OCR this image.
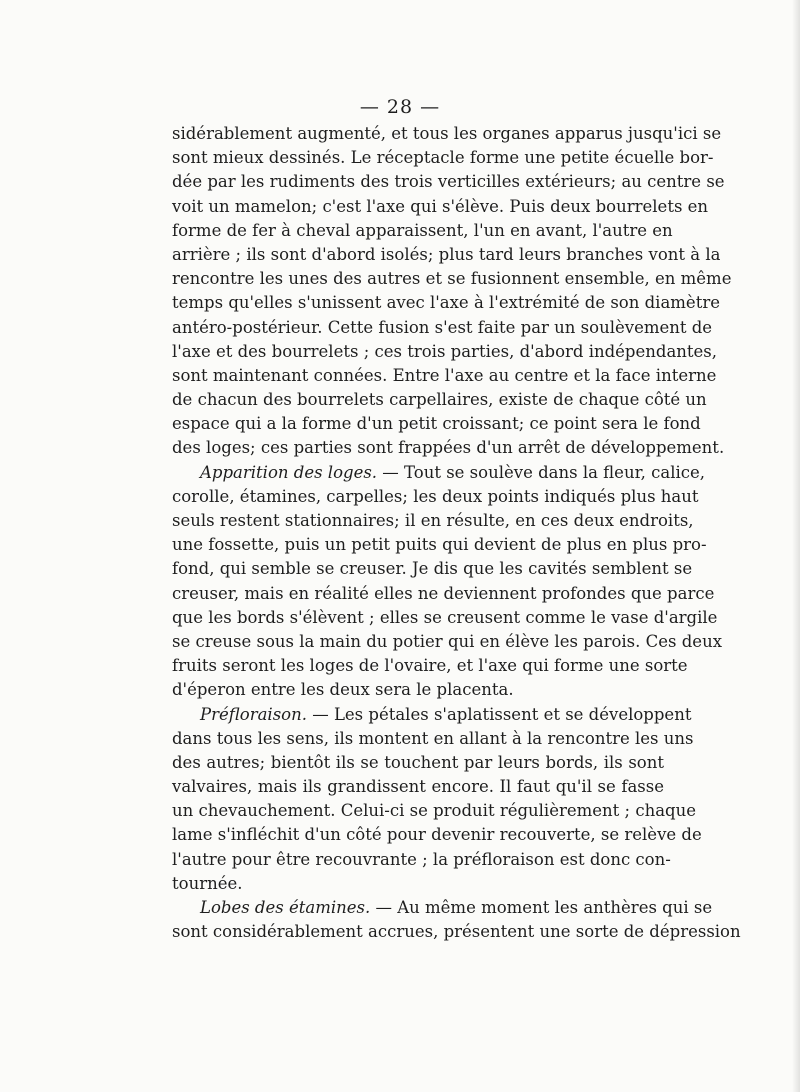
— 28 —
sidérablement augmenté, et tous les organes apparus jusqu'ici se
sont mieux dessinés. Le réceptacle forme une petite écuelle bor-
dée par les rudiments des trois verticilles extérieurs; au centre se
voit un mamelon; c'est l'axe qui s'élève. Puis deux bourrelets en
forme de fer à cheval apparaissent, l'un en avant, l'autre en
arrière ; ils sont d'abord isolés; plus tard leurs branches vont à la
rencontre les unes des autres et se fusionnent ensemble, en même
temps qu'elles s'unissent avec l'axe à l'extrémité de son diamètre
antéro-postérieur. Cette fusion s'est faite par un soulèvement de
l'axe et des bourrelets ; ces trois parties, d'abord indépendantes,
sont maintenant connées. Entre l'axe au centre et la face interne
de chacun des bourrelets carpellaires, existe de chaque côté un
espace qui a la forme d'un petit croissant; ce point sera le fond
des loges; ces parties sont frappées d'un arrêt de développement.
Apparition des loges. — Tout se soulève dans la fleur, calice,
corolle, étamines, carpelles; les deux points indiqués plus haut
seuls restent stationnaires; il en résulte, en ces deux endroits,
une fossette, puis un petit puits qui devient de plus en plus pro-
fond, qui semble se creuser. Je dis que les cavités semblent se
creuser, mais en réalité elles ne deviennent profondes que parce
que les bords s'élèvent ; elles se creusent comme le vase d'argile
se creuse sous la main du potier qui en élève les parois. Ces deux
fruits seront les loges de l'ovaire, et l'axe qui forme une sorte
d'éperon entre les deux sera le placenta.
Préfloraison. — Les pétales s'aplatissent et se développent
dans tous les sens, ils montent en allant à la rencontre les uns
des autres; bientôt ils se touchent par leurs bords, ils sont
valvaires, mais ils grandissent encore. Il faut qu'il se fasse
un chevauchement. Celui-ci se produit régulièrement ; chaque
lame s'infléchit d'un côté pour devenir recouverte, se relève de
l'autre pour être recouvrante ; la préfloraison est donc con-
tournée.
Lobes des étamines. — Au même moment les anthères qui se
sont considérablement accrues, présentent une sorte de dépression
